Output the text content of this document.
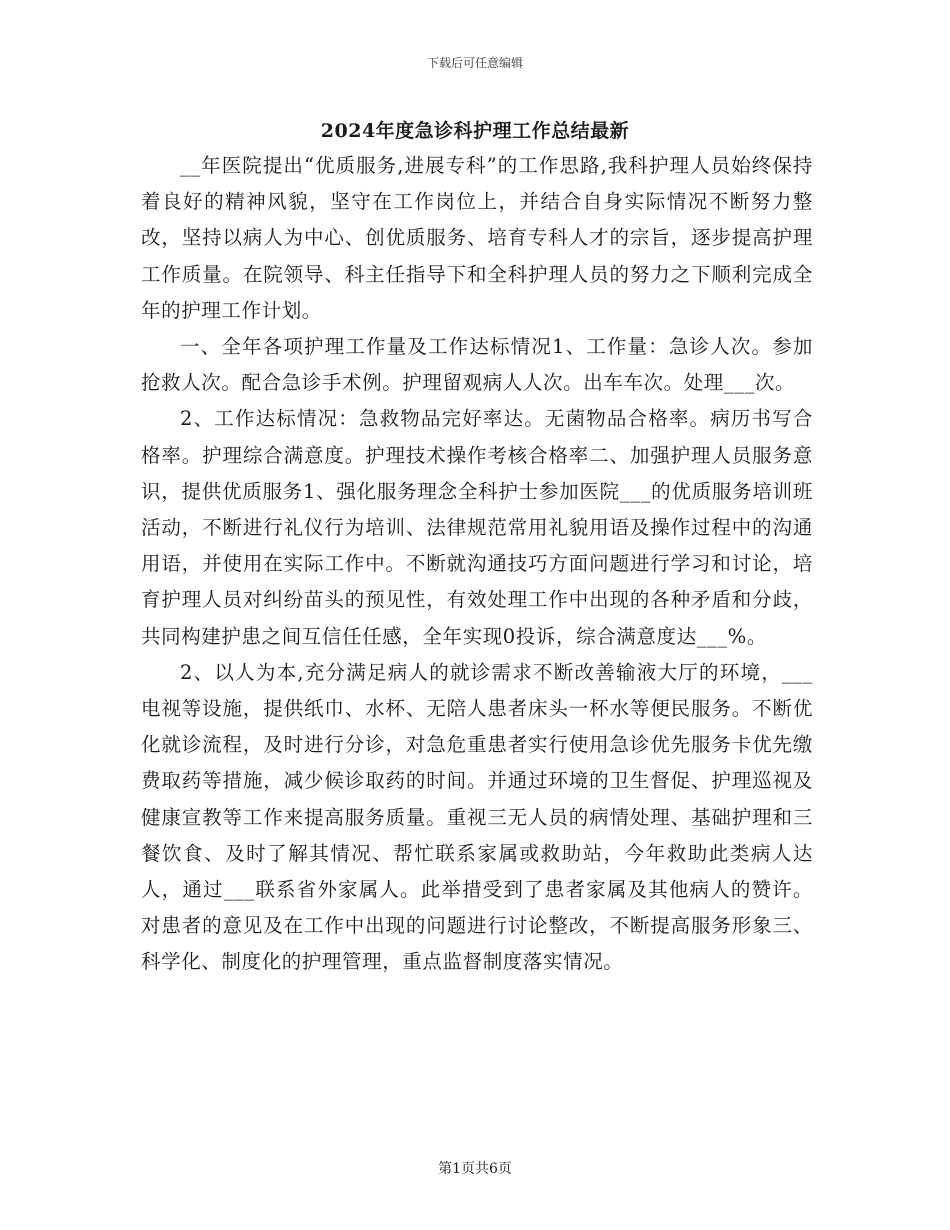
下载后可任意编辑
2024年度急诊科护理工作总结最新

__年医院提出“优质服务,进展专科”的工作思路,我科护理人员始终保持着良好的精神风貌，坚守在工作岗位上，并结合自身实际情况不断努力整改，坚持以病人为中心、创优质服务、培育专科人才的宗旨，逐步提高护理工作质量。在院领导、科主任指导下和全科护理人员的努力之下顺利完成全年的护理工作计划。

一、全年各项护理工作量及工作达标情况1、工作量：急诊人次。参加抢救人次。配合急诊手术例。护理留观病人人次。出车车次。处理___次。

2、工作达标情况：急救物品完好率达。无菌物品合格率。病历书写合格率。护理综合满意度。护理技术操作考核合格率二、加强护理人员服务意识，提供优质服务1、强化服务理念全科护士参加医院___的优质服务培训班活动，不断进行礼仪行为培训、法律规范常用礼貌用语及操作过程中的沟通用语，并使用在实际工作中。不断就沟通技巧方面问题进行学习和讨论，培育护理人员对纠纷苗头的预见性，有效处理工作中出现的各种矛盾和分歧，共同构建护患之间互信任任感，全年实现0投诉，综合满意度达___%。

2、以人为本,充分满足病人的就诊需求不断改善输液大厅的环境，___电视等设施，提供纸巾、水杯、无陪人患者床头一杯水等便民服务。不断优化就诊流程，及时进行分诊，对急危重患者实行使用急诊优先服务卡优先缴费取药等措施，减少候诊取药的时间。并通过环境的卫生督促、护理巡视及健康宣教等工作来提高服务质量。重视三无人员的病情处理、基础护理和三餐饮食、及时了解其情况、帮忙联系家属或救助站，今年救助此类病人达人，通过___联系省外家属人。此举措受到了患者家属及其他病人的赞许。对患者的意见及在工作中出现的问题进行讨论整改，不断提高服务形象三、科学化、制度化的护理管理，重点监督制度落实情况。

第1页共6页
